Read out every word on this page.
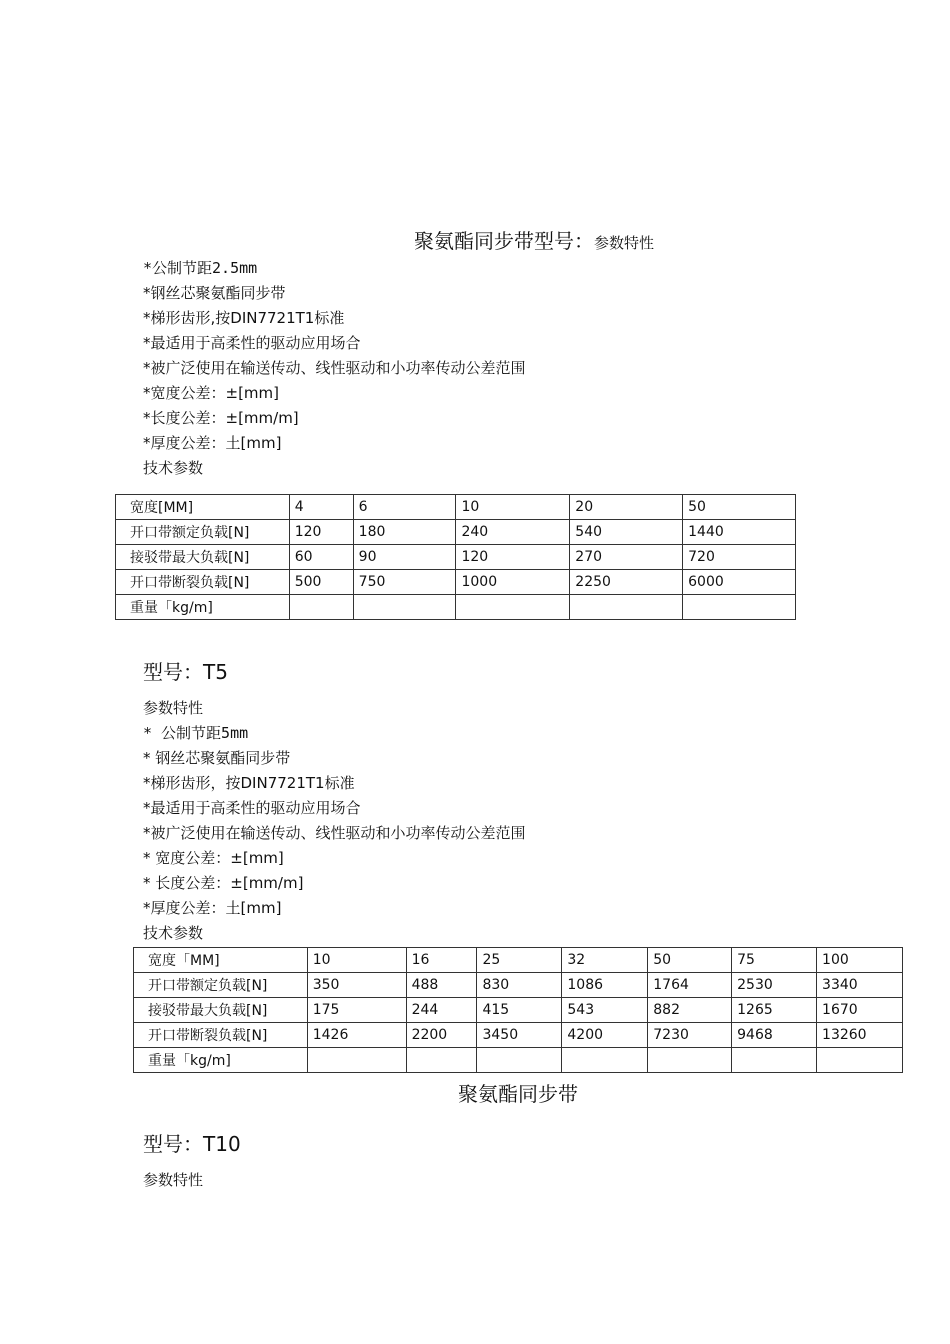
聚氨酯同步带型号：参数特性
*公制节距2.5mm
*钢丝芯聚氨酯同步带
*梯形齿形,按DIN7721T1标准
*最适用于高柔性的驱动应用场合
*被广泛使用在输送传动、线性驱动和小功率传动公差范围
*宽度公差：±[mm]
*长度公差：±[mm/m]
*厚度公差：土[mm]
技术参数
宽度[MM]	4	6	10	20	50
开口带额定负载[N]	120	180	240	540	1440
接驳带最大负载[N]	60	90	120	270	720
开口带断裂负载[N]	500	750	1000	2250	6000
重量「kg/m]					
型号：T5
参数特性
* 公制节距5mm
* 钢丝芯聚氨酯同步带
*梯形齿形，按DIN7721T1标准
*最适用于高柔性的驱动应用场合
*被广泛使用在输送传动、线性驱动和小功率传动公差范围
* 宽度公差：±[mm]
* 长度公差：±[mm/m]
*厚度公差：土[mm]
技术参数
宽度「MM]	10	16	25	32	50	75	100
开口带额定负载[N]	350	488	830	1086	1764	2530	3340
接驳带最大负载[N]	175	244	415	543	882	1265	1670
开口带断裂负载[N]	1426	2200	3450	4200	7230	9468	13260
重量「kg/m]							
聚氨酯同步带
型号：T10
参数特性
